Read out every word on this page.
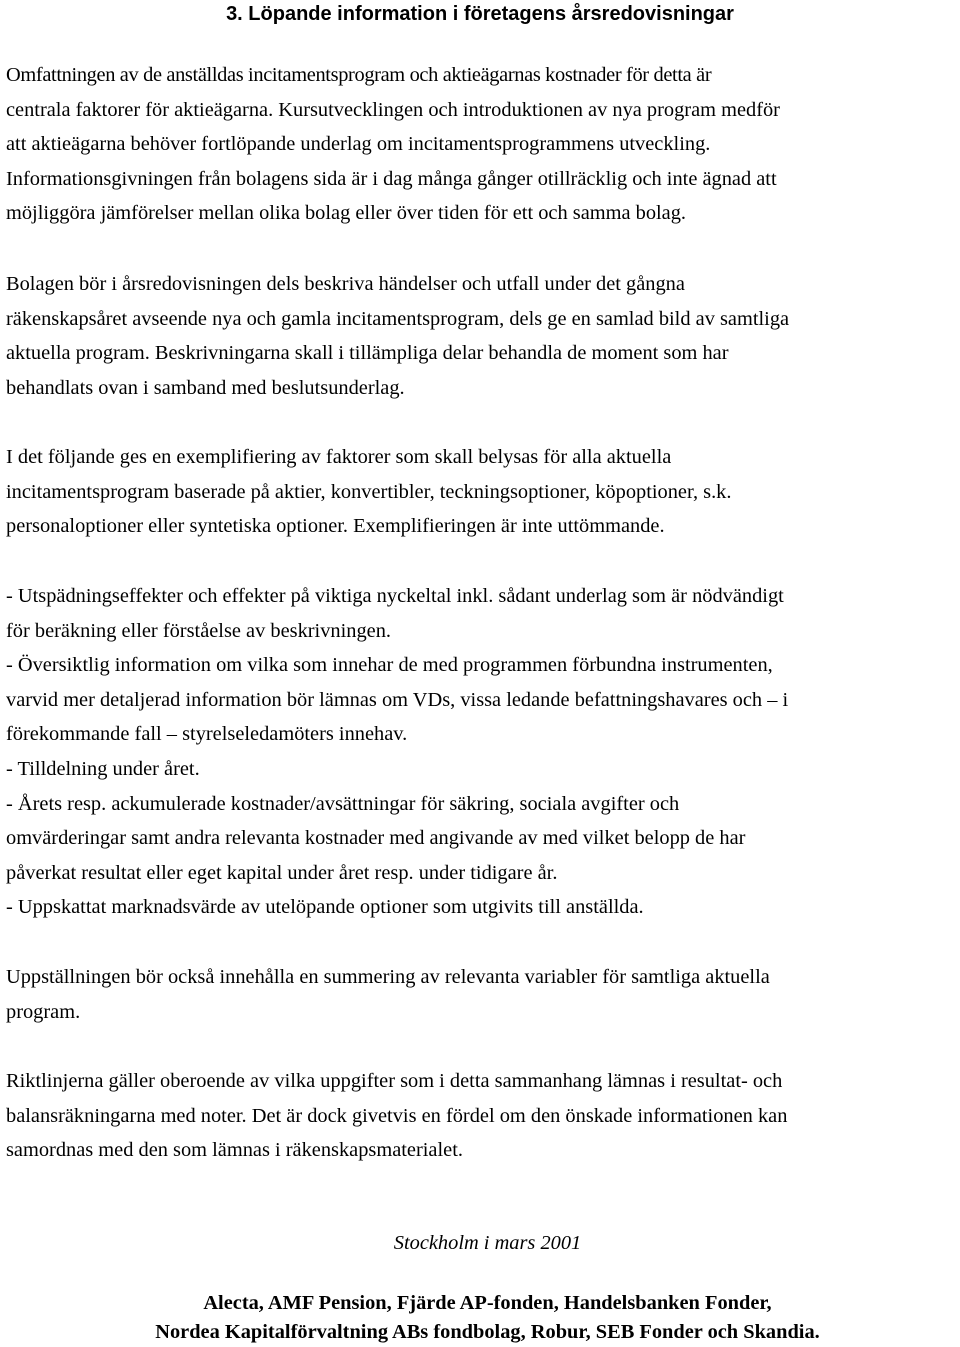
3. Löpande information i företagens årsredovisningar
Omfattningen av de anställdas incitamentsprogram och aktieägarnas kostnader för detta är
centrala faktorer för aktieägarna. Kursutvecklingen och introduktionen av nya program medför
att aktieägarna behöver fortlöpande underlag om incitamentsprogrammens utveckling.
Informationsgivningen från bolagens sida är i dag många gånger otillräcklig och inte ägnad att
möjliggöra jämförelser mellan olika bolag eller över tiden för ett och samma bolag.
Bolagen bör i årsredovisningen dels beskriva händelser och utfall under det gångna
räkenskapsåret avseende nya och gamla incitamentsprogram, dels ge en samlad bild av samtliga
aktuella program. Beskrivningarna skall i tillämpliga delar behandla de moment som har
behandlats ovan i samband med beslutsunderlag.
I det följande ges en exemplifiering av faktorer som skall belysas för alla aktuella
incitamentsprogram baserade på aktier, konvertibler, teckningsoptioner, köpoptioner, s.k.
personaloptioner eller syntetiska optioner. Exemplifieringen är inte uttömmande.
- Utspädningseffekter och effekter på viktiga nyckeltal inkl. sådant underlag som är nödvändigt
för beräkning eller förståelse av beskrivningen.
- Översiktlig information om vilka som innehar de med programmen förbundna instrumenten,
varvid mer detaljerad information bör lämnas om VDs, vissa ledande befattningshavares och – i
förekommande fall – styrelseledamöters innehav.
- Tilldelning under året.
- Årets resp. ackumulerade kostnader/avsättningar för säkring, sociala avgifter och
omvärderingar samt andra relevanta kostnader med angivande av med vilket belopp de har
påverkat resultat eller eget kapital under året resp. under tidigare år.
- Uppskattat marknadsvärde av utelöpande optioner som utgivits till anställda.
Uppställningen bör också innehålla en summering av relevanta variabler för samtliga aktuella
program.
Riktlinjerna gäller oberoende av vilka uppgifter som i detta sammanhang lämnas i resultat- och
balansräkningarna med noter. Det är dock givetvis en fördel om den önskade informationen kan
samordnas med den som lämnas i räkenskapsmaterialet.

Stockholm i mars 2001

Alecta, AMF Pension, Fjärde AP-fonden, Handelsbanken Fonder,
Nordea Kapitalförvaltning ABs fondbolag, Robur, SEB Fonder och Skandia.
